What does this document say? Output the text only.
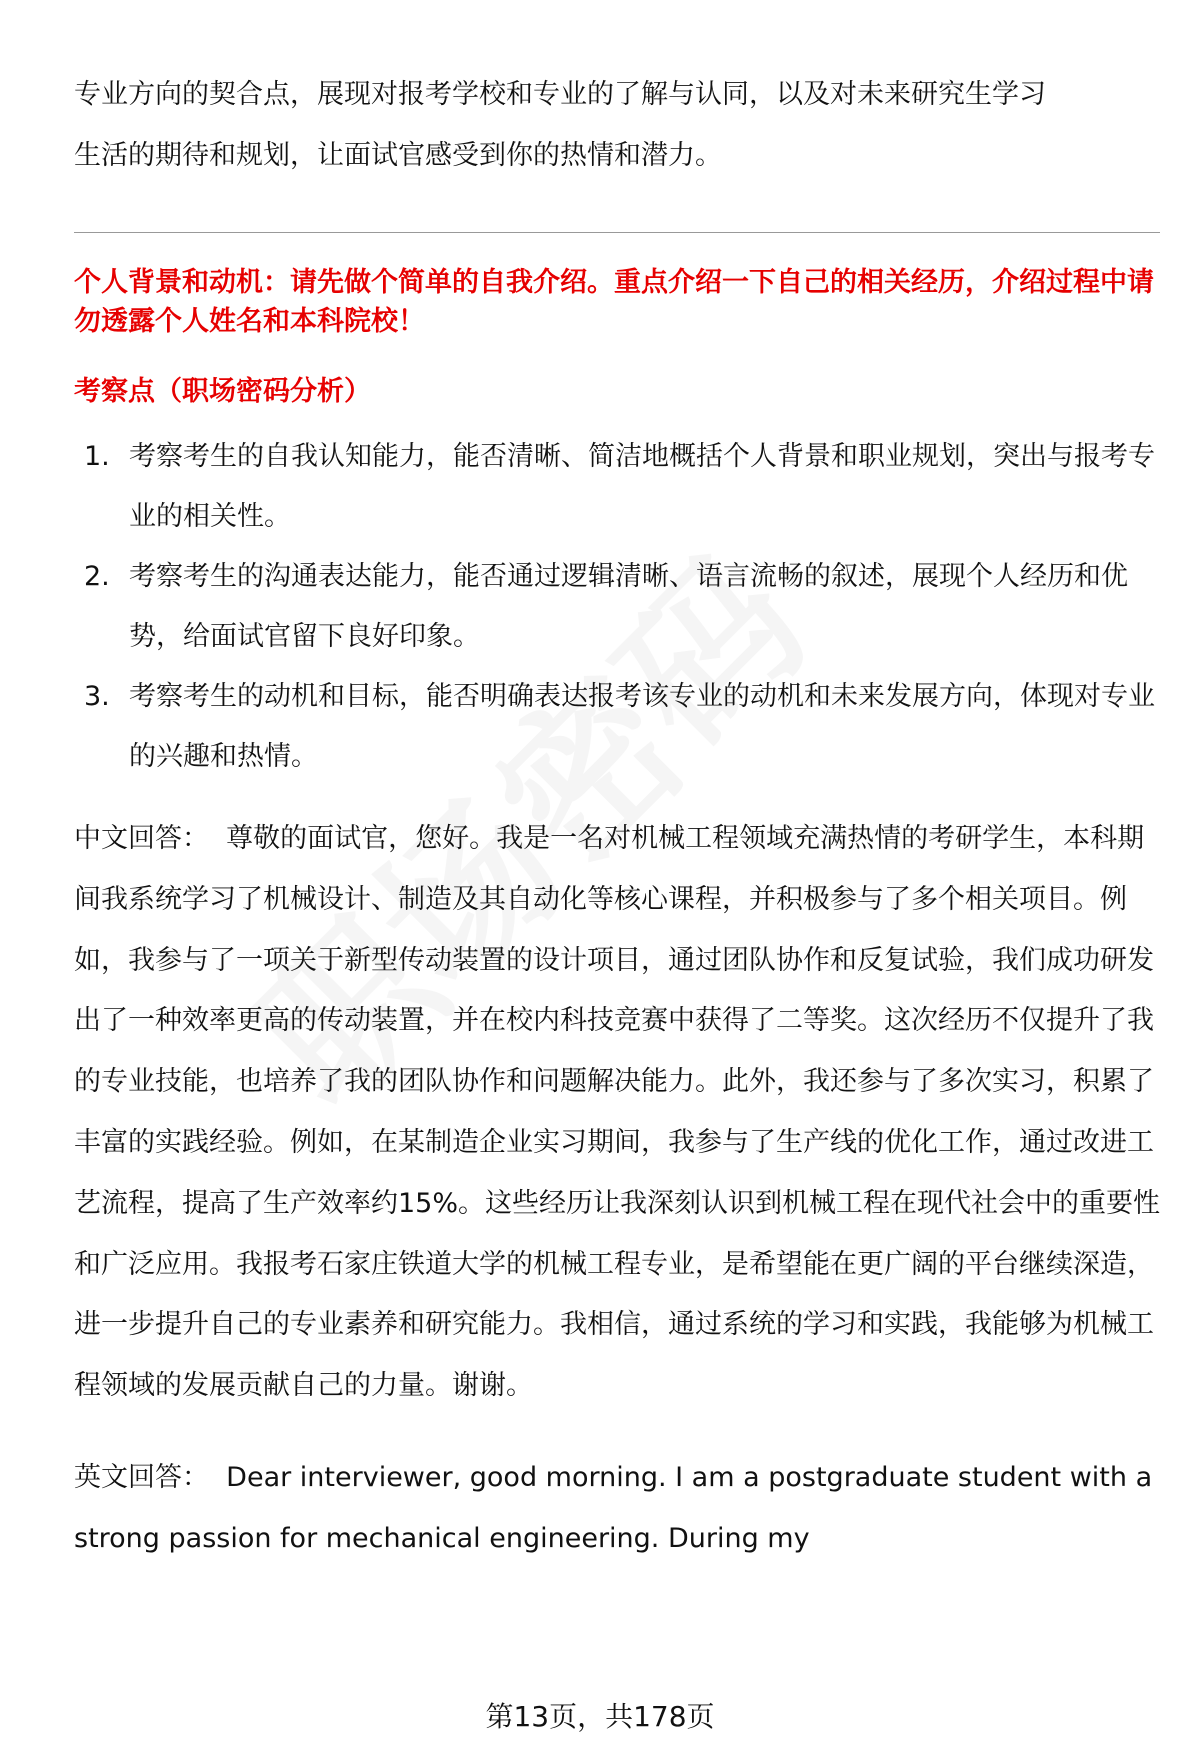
专业方向的契合点，展现对报考学校和专业的了解与认同，以及对未来研究生学习

生活的期待和规划，让面试官感受到你的热情和潜力。

个人背景和动机：请先做个简单的自我介绍。重点介绍一下自己的相关经历，介绍过程中请勿透露个人姓名和本科院校！

考察点（职场密码分析）

1. 考察考生的自我认知能力，能否清晰、简洁地概括个人背景和职业规划，突出与报考专业的相关性。
2. 考察考生的沟通表达能力，能否通过逻辑清晰、语言流畅的叙述，展现个人经历和优势，给面试官留下良好印象。
3. 考察考生的动机和目标，能否明确表达报考该专业的动机和未来发展方向，体现对专业的兴趣和热情。

中文回答： 尊敬的面试官，您好。我是一名对机械工程领域充满热情的考研学生，本科期间我系统学习了机械设计、制造及其自动化等核心课程，并积极参与了多个相关项目。例如，我参与了一项关于新型传动装置的设计项目，通过团队协作和反复试验，我们成功研发出了一种效率更高的传动装置，并在校内科技竞赛中获得了二等奖。这次经历不仅提升了我的专业技能，也培养了我的团队协作和问题解决能力。此外，我还参与了多次实习，积累了丰富的实践经验。例如，在某制造企业实习期间，我参与了生产线的优化工作，通过改进工艺流程，提高了生产效率约15%。这些经历让我深刻认识到机械工程在现代社会中的重要性和广泛应用。我报考石家庄铁道大学的机械工程专业，是希望能在更广阔的平台继续深造，进一步提升自己的专业素养和研究能力。我相信，通过系统的学习和实践，我能够为机械工程领域的发展贡献自己的力量。谢谢。

英文回答： Dear interviewer, good morning. I am a postgraduate student with a strong passion for mechanical engineering. During my

第13页，共178页
